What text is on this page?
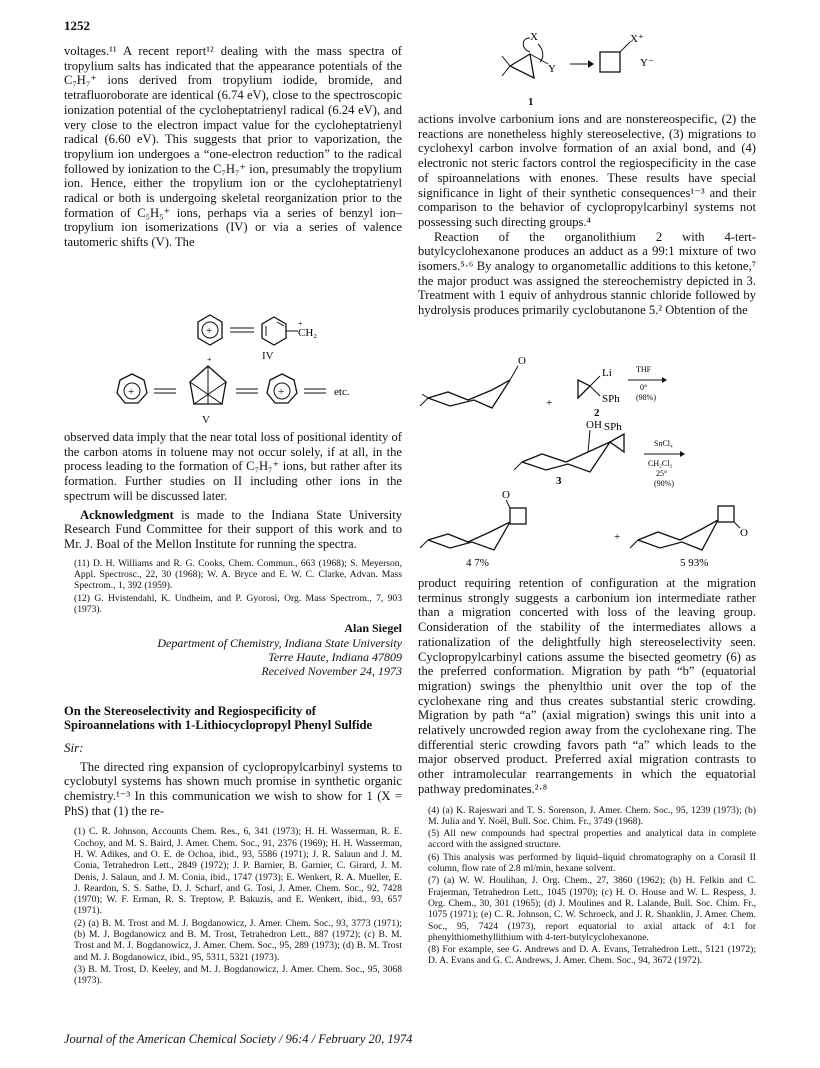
1252

voltages.¹¹ A recent report¹² dealing with the mass spectra of tropylium salts has indicated that the appearance potentials of the C₇H₇⁺ ions derived from tropylium iodide, bromide, and tetrafluoroborate are identical (6.74 eV), close to the spectroscopic ionization potential of the cycloheptatrienyl radical (6.24 eV), and very close to the electron impact value for the cycloheptatrienyl radical (6.60 eV). This suggests that prior to vaporization, the tropylium ion undergoes a “one-electron reduction” to the radical followed by ionization to the C₇H₇⁺ ion, presumably the tropylium ion. Hence, either the tropylium ion or the cycloheptatrienyl radical or both is undergoing skeletal reorganization prior to the formation of C₅H₅⁺ ions, perhaps via a series of benzyl ion–tropylium ion isomerizations (IV) or via a series of valence tautomeric shifts (V). The

+
+
CH₂
IV
+
+
+	etc.
V

observed data imply that the near total loss of positional identity of the carbon atoms in toluene may not occur solely, if at all, in the process leading to the formation of C₇H₇⁺ ions, but rather after its formation. Further studies on II including other ions in the spectrum will be discussed later.

Acknowledgment is made to the Indiana State University Research Fund Committee for their support of this work and to Mr. J. Boal of the Mellon Institute for running the spectra.

(11) D. H. Williams and R. G. Cooks, Chem. Commun., 663 (1968); S. Meyerson, Appl. Spectrosc., 22, 30 (1968); W. A. Bryce and E. W. C. Clarke, Advan. Mass Spectrom., 1, 392 (1959).

(12) G. Hvistendahl, K. Undheim, and P. Gyorosi, Org. Mass Spectrom., 7, 903 (1973).

Alan Siegel

Department of Chemistry, Indiana State University
Terre Haute, Indiana 47809
Received November 24, 1973

On the Stereoselectivity and Regiospecificity of Spiroannelations with 1-Lithiocyclopropyl Phenyl Sulfide

Sir:

The directed ring expansion of cyclopropylcarbinyl systems to cyclobutyl systems has shown much promise in synthetic organic chemistry.¹⁻³ In this communication we wish to show for 1 (X = PhS) that (1) the re-

(1) C. R. Johnson, Accounts Chem. Res., 6, 341 (1973); H. H. Wasserman, R. E. Cochoy, and M. S. Baird, J. Amer. Chem. Soc., 91, 2376 (1969); H. H. Wasserman, H. W. Adikes, and O. E. de Ochoa, ibid., 93, 5586 (1971); J. R. Salaun and J. M. Conia, Tetrahedron Lett., 2849 (1972); J. P. Barnier, B. Garnier, C. Girard, J. M. Denis, J. Salaun, and J. M. Conia, ibid., 1747 (1973); E. Wenkert, R. A. Mueller, E. J. Reardon, S. S. Sathe, D. J. Scharf, and G. Tosi, J. Amer. Chem. Soc., 92, 7428 (1970); W. F. Erman, R. S. Treptow, P. Bakuzis, and E. Wenkert, ibid., 93, 657 (1971).

(2) (a) B. M. Trost and M. J. Bogdanowicz, J. Amer. Chem. Soc., 93, 3773 (1971); (b) M. J. Bogdanowicz and B. M. Trost, Tetrahedron Lett., 887 (1972); (c) B. M. Trost and M. J. Bogdanowicz, J. Amer. Chem. Soc., 95, 289 (1973); (d) B. M. Trost and M. J. Bogdanowicz, ibid., 95, 5311, 5321 (1973).

(3) B. M. Trost, D. Keeley, and M. J. Bogdanowicz, J. Amer. Chem. Soc., 95, 3068 (1973).

X
Y
X⁺
Y⁻
1

actions involve carbonium ions and are nonstereospecific, (2) the reactions are nonetheless highly stereoselective, (3) migrations to cyclohexyl carbon involve formation of an axial bond, and (4) electronic not steric factors control the regiospecificity in the case of spiroannelations with enones. These results have special significance in light of their synthetic consequences¹⁻³ and their comparison to the behavior of cyclopropylcarbinyl systems not possessing such directing groups.⁴

Reaction of the organolithium 2 with 4-tert-butylcyclohexanone produces an adduct as a 99:1 mixture of two isomers.⁵·⁶ By analogy to organometallic additions to this ketone,⁷ the major product was assigned the stereochemistry depicted in 3. Treatment with 1 equiv of anhydrous stannic chloride followed by hydrolysis produces primarily cyclobutanone 5.² Obtention of the

O
+
Li
SPh
2
THF
0°
(98%)
OH SPh
3
SnCl₄
CH₂Cl₂
25°
(90%)
O
4 7%
+	O
5 93%

product requiring retention of configuration at the migration terminus strongly suggests a carbonium ion intermediate rather than a migration concerted with loss of the leaving group. Consideration of the stability of the intermediates allows a rationalization of the delightfully high stereoselectivity seen. Cyclopropylcarbinyl cations assume the bisected geometry (6) as the preferred conformation. Migration by path “b” (equatorial migration) swings the phenylthio unit over the top of the cyclohexane ring and thus creates substantial steric crowding. Migration by path “a” (axial migration) swings this unit into a relatively uncrowded region away from the cyclohexane ring. The differential steric crowding favors path “a” which leads to the major observed product. Preferred axial migration contrasts to other intramolecular rearrangements in which the equatorial pathway predominates.²·⁸

(4) (a) K. Rajeswari and T. S. Sorenson, J. Amer. Chem. Soc., 95, 1239 (1973); (b) M. Julia and Y. Noël, Bull. Soc. Chim. Fr., 3749 (1968).

(5) All new compounds had spectral properties and analytical data in complete accord with the assigned structure.

(6) This analysis was performed by liquid–liquid chromatography on a Corasil II column, flow rate of 2.8 ml/min, hexane solvent.

(7) (a) W. W. Houlihan, J. Org. Chem., 27, 3860 (1962); (b) H. Felkin and C. Frajerman, Tetrahedron Lett., 1045 (1970); (c) H. O. House and W. L. Respess, J. Org. Chem., 30, 301 (1965); (d) J. Moulines and R. Lalande, Bull. Soc. Chim. Fr., 1075 (1971); (e) C. R. Johnson, C. W. Schroeck, and J. R. Shanklin, J. Amer. Chem. Soc., 95, 7424 (1973), report equatorial to axial attack of 4:1 for phenylthiomethyllithium with 4-tert-butylcyclohexanone.

(8) For example, see G. Andrews and D. A. Evans, Tetrahedron Lett., 5121 (1972); D. A. Evans and G. C. Andrews, J. Amer. Chem. Soc., 94, 3672 (1972).

Journal of the American Chemical Society / 96:4 / February 20, 1974
